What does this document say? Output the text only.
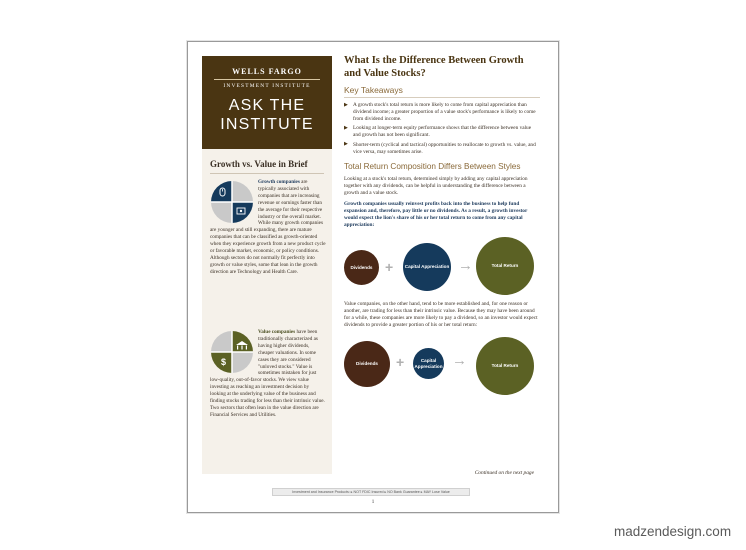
WELLS FARGO
INVESTMENT INSTITUTE
ASK THE
INSTITUTE
Growth vs. Value in Brief
Growth companies are typically associated with companies that are increasing revenue or earnings faster than the average for their respective industry or the overall market. While many growth companies are younger and still expanding, there are mature companies that can be classified as growth-oriented when they experience growth from a new product cycle or favorable market, economic, or policy conditions. Although sectors do not normally fit perfectly into growth or value styles, some that lean in the growth direction are Technology and Health Care.
$
Value companies have been traditionally characterized as having higher dividends, cheaper valuations. In some cases they are considered "unloved stocks." Value is sometimes mistaken for just low-quality, out-of-favor stocks. We view value investing as reaching an investment decision by looking at the underlying value of the business and finding stocks trading for less than their intrinsic value. Two sectors that often lean in the value direction are Financial Services and Utilities.
What Is the Difference Between Growth and Value Stocks?
Key Takeaways
▶ A growth stock's total return is more likely to come from capital appreciation than dividend income; a greater proportion of a value stock's performance is likely to come from dividend income.
▶ Looking at longer-term equity performance shows that the difference between value and growth has not been significant.
▶ Shorter-term (cyclical and tactical) opportunities to reallocate to growth vs. value, and vice versa, may sometimes arise.
Total Return Composition Differs Between Styles
Looking at a stock's total return, determined simply by adding any capital appreciation together with any dividends, can be helpful in understanding the difference between a growth and a value stock.
Growth companies usually reinvest profits back into the business to help fund expansion and, therefore, pay little or no dividends. As a result, a growth investor would expect the lion's share of his or her total return to come from any capital appreciation:
Dividends +	Capital Appreciation →	Total Return
Value companies, on the other hand, tend to be more established and, for one reason or another, are trading for less than their intrinsic value. Because they may have been around for a while, these companies are more likely to pay a dividend, so an investor would expect dividends to provide a greater portion of his or her total return:
Dividends	+	Capital Appreciation →	Total Return
Continued on the next page
Investment and Insurance Products: ▸ NOT FDIC Insured ▸ NO Bank Guarantee ▸ MAY Lose Value
1
madzendesign.com
